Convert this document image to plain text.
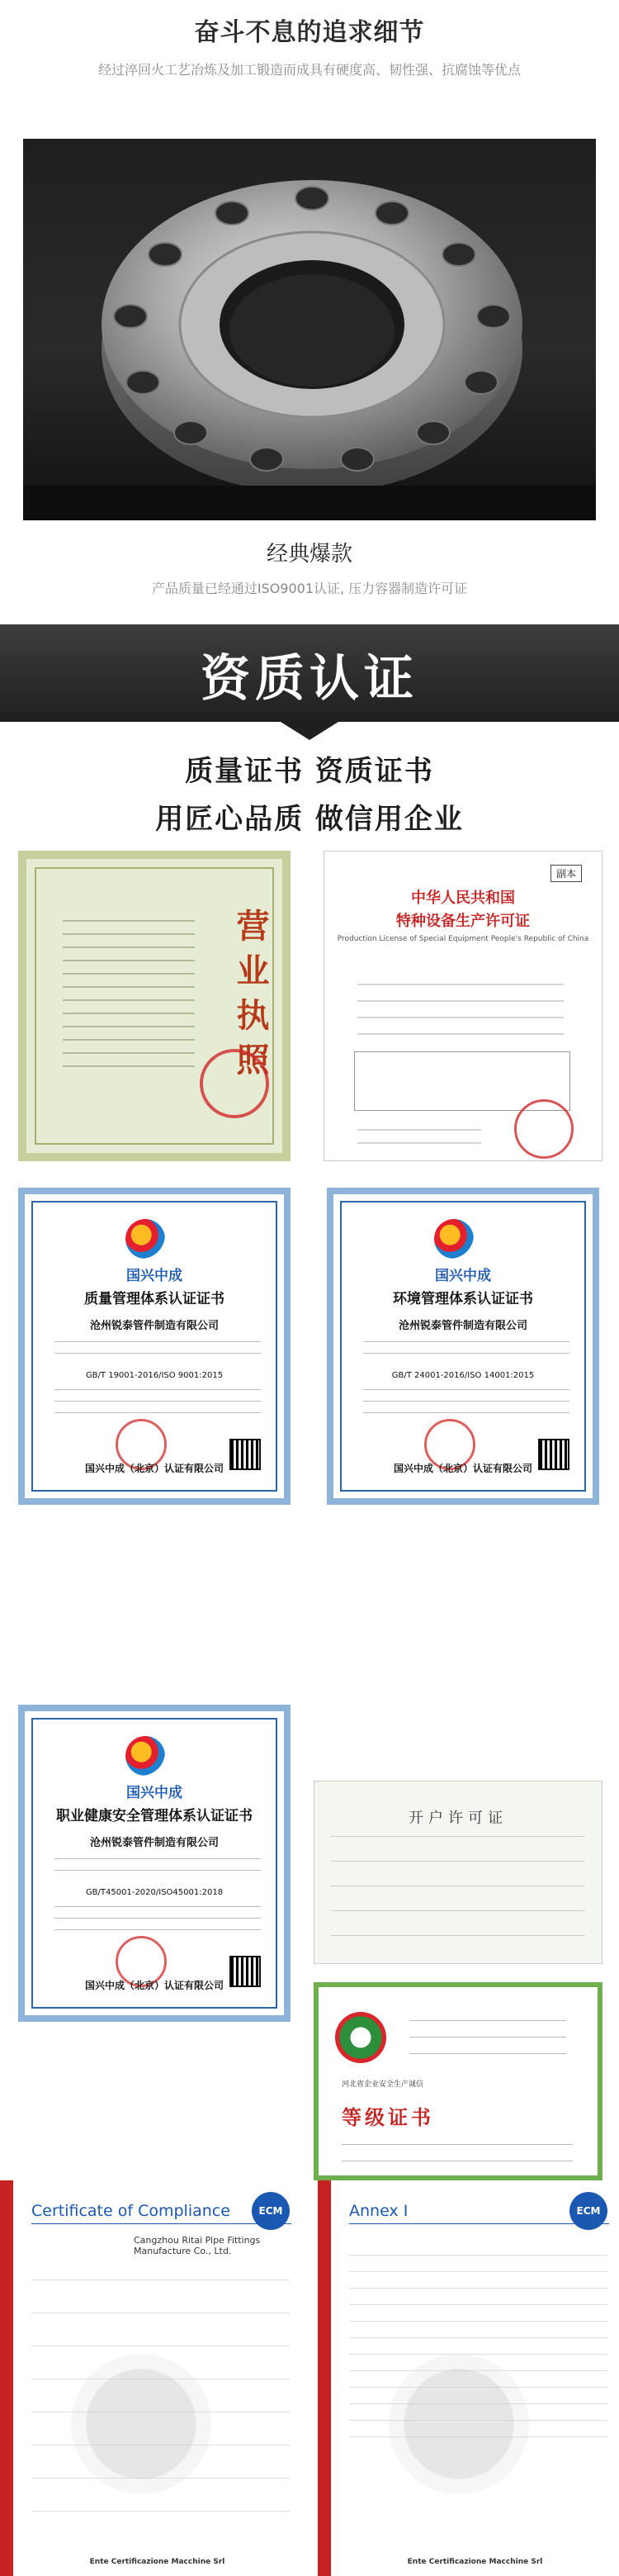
奋斗不息的追求细节
经过淬回火工艺冶炼及加工锻造而成具有硬度高、韧性强、抗腐蚀等优点
经典爆款
产品质量已经通过ISO9001认证, 压力容器制造许可证
资质认证
质量证书 资质证书
用匠心品质 做信用企业
营业执照
副本
中华人民共和国
特种设备生产许可证
Production License of Special Equipment People's Republic of China
国兴中成
质量管理体系认证证书
沧州锐泰管件制造有限公司
GB/T 19001-2016/ISO 9001:2015
国兴中成（北京）认证有限公司
国兴中成
环境管理体系认证证书
沧州锐泰管件制造有限公司
GB/T 24001-2016/ISO 14001:2015
国兴中成（北京）认证有限公司
国兴中成
职业健康安全管理体系认证证书
沧州锐泰管件制造有限公司
GB/T45001-2020/ISO45001:2018
国兴中成（北京）认证有限公司
开户许可证
河北省企业安全生产诚信
等级证书
Certificate of Compliance	ECM
Cangzhou Ritai Pipe Fittings Manufacture Co., Ltd.
Ente Certificazione Macchine Srl
Annex I	ECM
Ente Certificazione Macchine Srl
